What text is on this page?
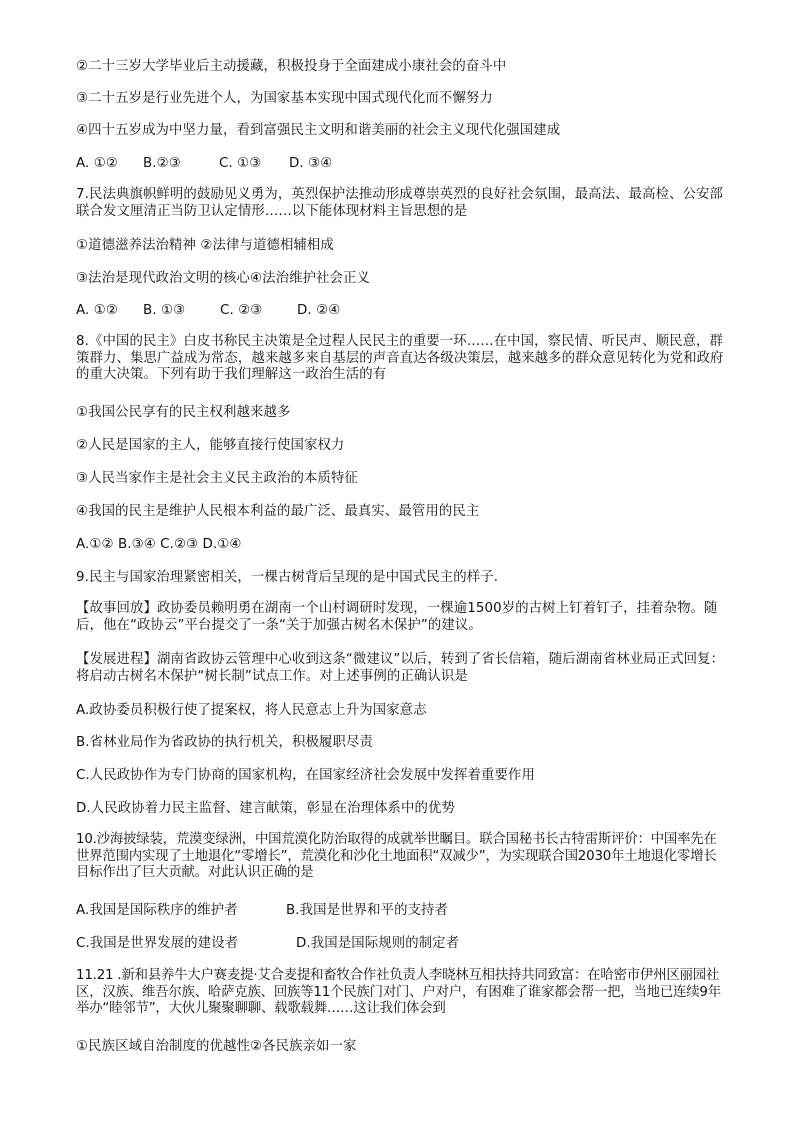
②二十三岁大学毕业后主动援藏，积极投身于全面建成小康社会的奋斗中
③二十五岁是行业先进个人，为国家基本实现中国式现代化而不懈努力
④四十五岁成为中坚力量，看到富强民主文明和谐美丽的社会主义现代化强国建成
A. ①② B.②③	C. ①③ D. ③④
7.民法典旗帜鲜明的鼓励见义勇为，英烈保护法推动形成尊崇英烈的良好社会氛围，最高法、最高检、公安部联合发文厘清正当防卫认定情形……以下能体现材料主旨思想的是
①道德滋养法治精神 ②法律与道德相辅相成
③法治是现代政治文明的核心④法治维护社会正义
A. ①② B. ①③	C. ②③	D. ②④
8.《中国的民主》白皮书称民主决策是全过程人民民主的重要一环……在中国，察民情、听民声、顺民意，群策群力、集思广益成为常态，越来越多来自基层的声音直达各级决策层，越来越多的群众意见转化为党和政府的重大决策。下列有助于我们理解这一政治生活的有
①我国公民享有的民主权利越来越多
②人民是国家的主人，能够直接行使国家权力
③人民当家作主是社会主义民主政治的本质特征
④我国的民主是维护人民根本利益的最广泛、最真实、最管用的民主
A.①② B.③④ C.②③ D.①④
9.民主与国家治理紧密相关，一棵古树背后呈现的是中国式民主的样子.
【故事回放】政协委员赖明勇在湖南一个山村调研时发现，一棵逾1500岁的古树上钉着钉子，挂着杂物。随后，他在“政协云”平台提交了一条“关于加强古树名木保护”的建议。
【发展进程】湖南省政协云管理中心收到这条“微建议”以后，转到了省长信箱，随后湖南省林业局正式回复：将启动古树名木保护“树长制”试点工作。对上述事例的正确认识是
A.政协委员积极行使了提案权，将人民意志上升为国家意志
B.省林业局作为省政协的执行机关，积极履职尽责
C.人民政协作为专门协商的国家机构，在国家经济社会发展中发挥着重要作用
D.人民政协着力民主监督、建言献策，彰显在治理体系中的优势
10.沙海披绿装，荒漠变绿洲，中国荒漠化防治取得的成就举世瞩目。联合国秘书长古特雷斯评价：中国率先在世界范围内实现了土地退化“零增长”，荒漠化和沙化土地面积“双减少”，为实现联合国2030年土地退化零增长目标作出了巨大贡献。对此认识正确的是
A.我国是国际秩序的维护者	B.我国是世界和平的支持者
C.我国是世界发展的建设者	D.我国是国际规则的制定者
11.21 .新和县养牛大户赛麦提·艾合麦提和畜牧合作社负责人李晓林互相扶持共同致富：在哈密市伊州区丽园社区，汉族、维吾尔族、哈萨克族、回族等11个民族门对门、户对户，有困难了谁家都会帮一把，当地已连续9年举办“睦邻节”，大伙儿聚聚聊聊、载歌载舞……这让我们体会到
①民族区域自治制度的优越性②各民族亲如一家
